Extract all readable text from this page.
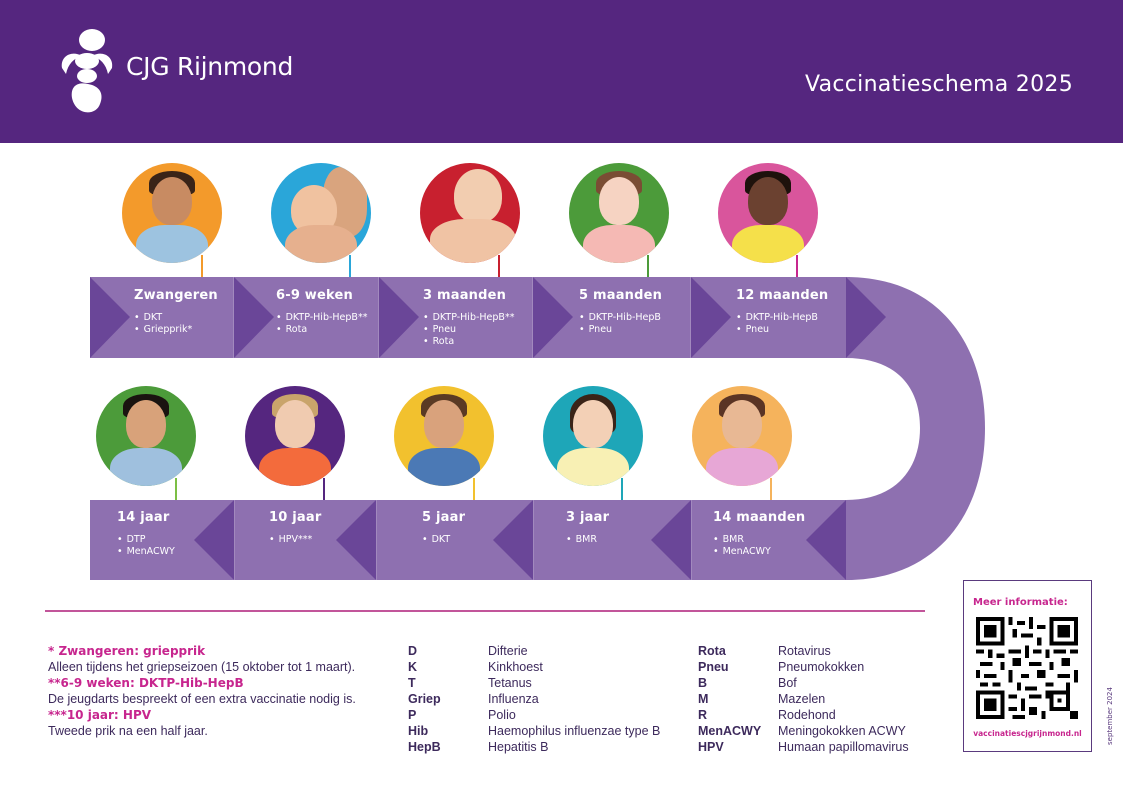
CJG Rijnmond
Vaccinatieschema 2025
Zwangeren
• DKT
• Griepprik*
6-9 weken
• DKTP-Hib-HepB**
• Rota
3 maanden
• DKTP-Hib-HepB**
• Pneu
• Rota
5 maanden
• DKTP-Hib-HepB
• Pneu
12 maanden
• DKTP-Hib-HepB
• Pneu
14 jaar
• DTP
• MenACWY
10 jaar
• HPV***
5 jaar
• DKT
3 jaar
• BMR
14 maanden
• BMR
• MenACWY
* Zwangeren: griepprik
Alleen tijdens het griepseizoen (15 oktober tot 1 maart).
**6-9 weken: DKTP-Hib-HepB
De jeugdarts bespreekt of een extra vaccinatie nodig is.
***10 jaar: HPV
Tweede prik na een half jaar.
D	Difterie
K	Kinkhoest
T	Tetanus
Griep	Influenza
P	Polio
Hib	Haemophilus influenzae type B
HepB	Hepatitis B
Rota	Rotavirus
Pneu	Pneumokokken
B	Bof
M	Mazelen
R	Rodehond
MenACWY	Meningokokken ACWY
HPV	Humaan papillomavirus
Meer informatie:
vaccinatiescjgrijnmond.nl	september 2024
